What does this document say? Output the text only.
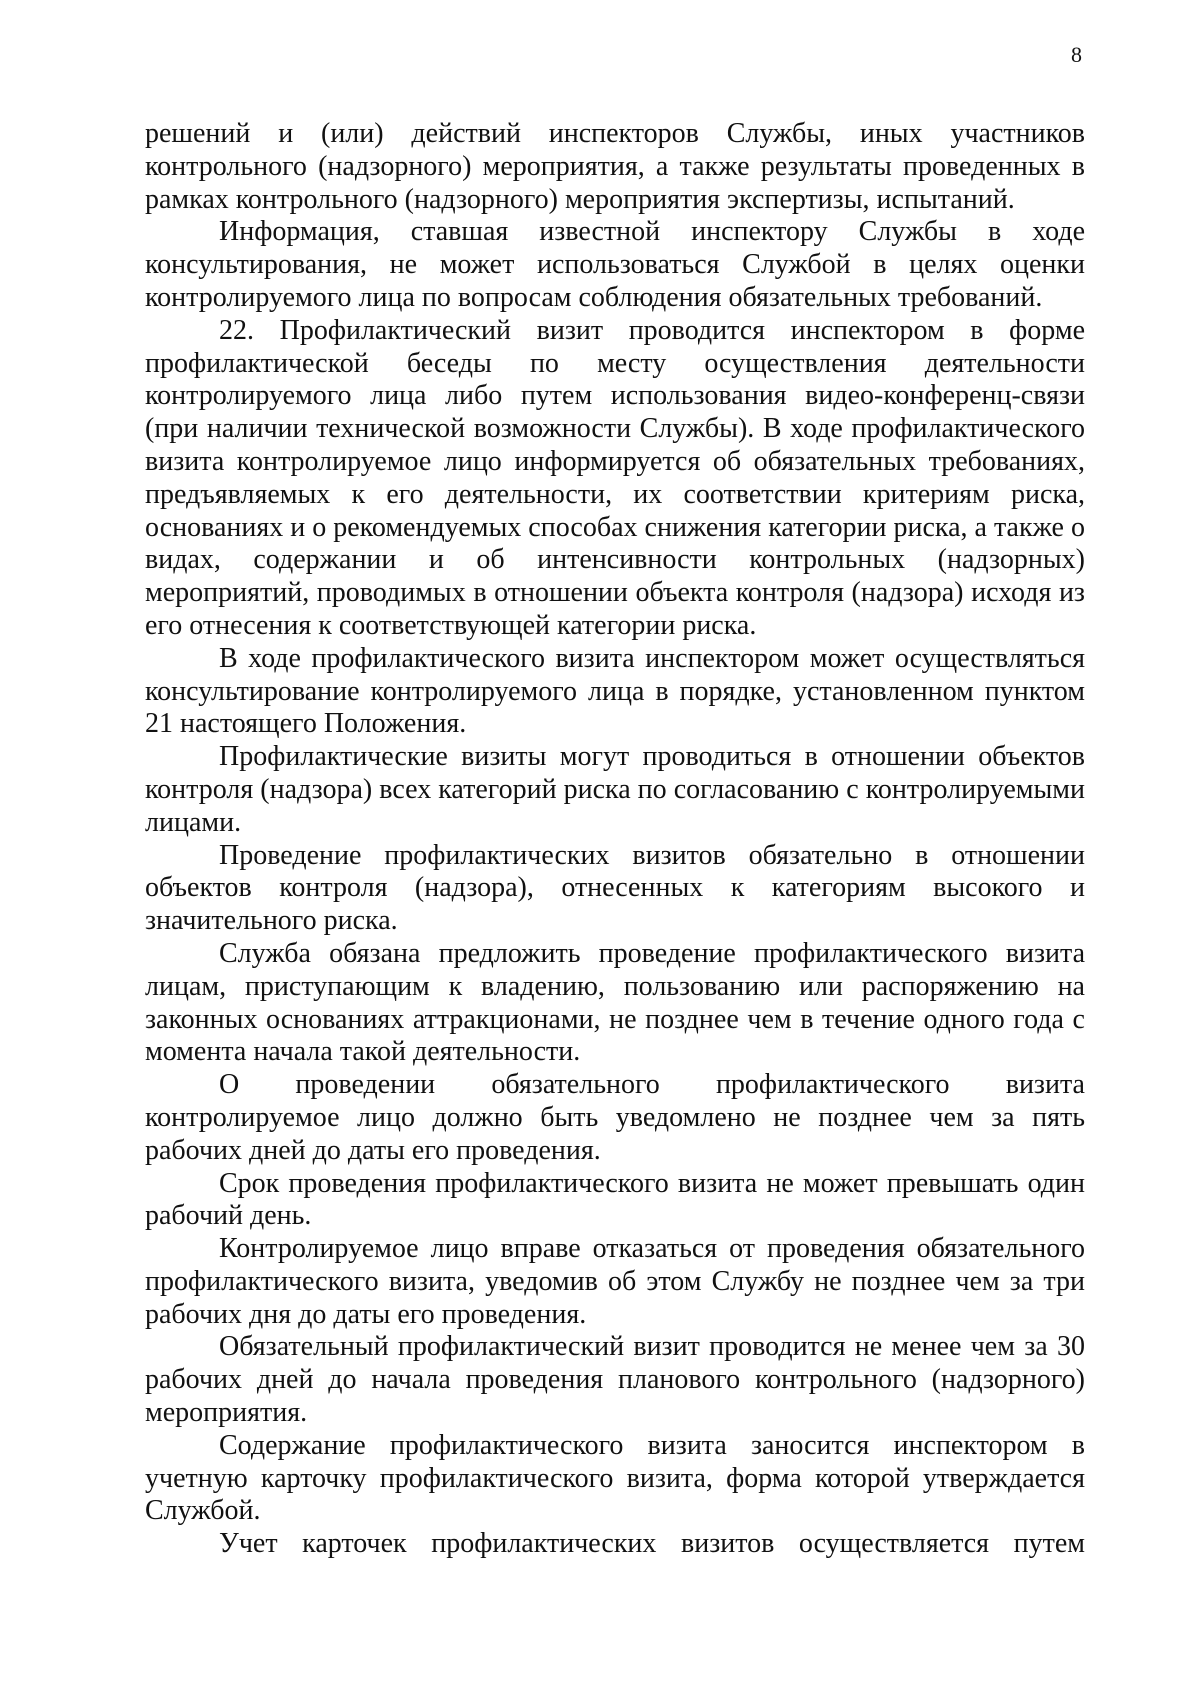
8

решений и (или) действий инспекторов Службы, иных участников контрольного (надзорного) мероприятия, а также результаты проведенных в рамках контрольного (надзорного) мероприятия экспертизы, испытаний.

Информация, ставшая известной инспектору Службы в ходе консультирования, не может использоваться Службой в целях оценки контролируемого лица по вопросам соблюдения обязательных требований.

22. Профилактический визит проводится инспектором в форме профилактической беседы по месту осуществления деятельности контролируемого лица либо путем использования видео-конференц-связи (при наличии технической возможности Службы). В ходе профилактического визита контролируемое лицо информируется об обязательных требованиях, предъявляемых к его деятельности, их соответствии критериям риска, основаниях и о рекомендуемых способах снижения категории риска, а также о видах, содержании и об интенсивности контрольных (надзорных) мероприятий, проводимых в отношении объекта контроля (надзора) исходя из его отнесения к соответствующей категории риска.

В ходе профилактического визита инспектором может осуществляться консультирование контролируемого лица в порядке, установленном пунктом 21 настоящего Положения.

Профилактические визиты могут проводиться в отношении объектов контроля (надзора) всех категорий риска по согласованию с контролируемыми лицами.

Проведение профилактических визитов обязательно в отношении объектов контроля (надзора), отнесенных к категориям высокого и значительного риска.

Служба обязана предложить проведение профилактического визита лицам, приступающим к владению, пользованию или распоряжению на законных основаниях аттракционами, не позднее чем в течение одного года с момента начала такой деятельности.

О проведении обязательного профилактического визита контролируемое лицо должно быть уведомлено не позднее чем за пять рабочих дней до даты его проведения.

Срок проведения профилактического визита не может превышать один рабочий день.

Контролируемое лицо вправе отказаться от проведения обязательного профилактического визита, уведомив об этом Службу не позднее чем за три рабочих дня до даты его проведения.

Обязательный профилактический визит проводится не менее чем за 30 рабочих дней до начала проведения планового контрольного (надзорного) мероприятия.

Содержание профилактического визита заносится инспектором в учетную карточку профилактического визита, форма которой утверждается Службой.

Учет карточек профилактических визитов осуществляется путем
